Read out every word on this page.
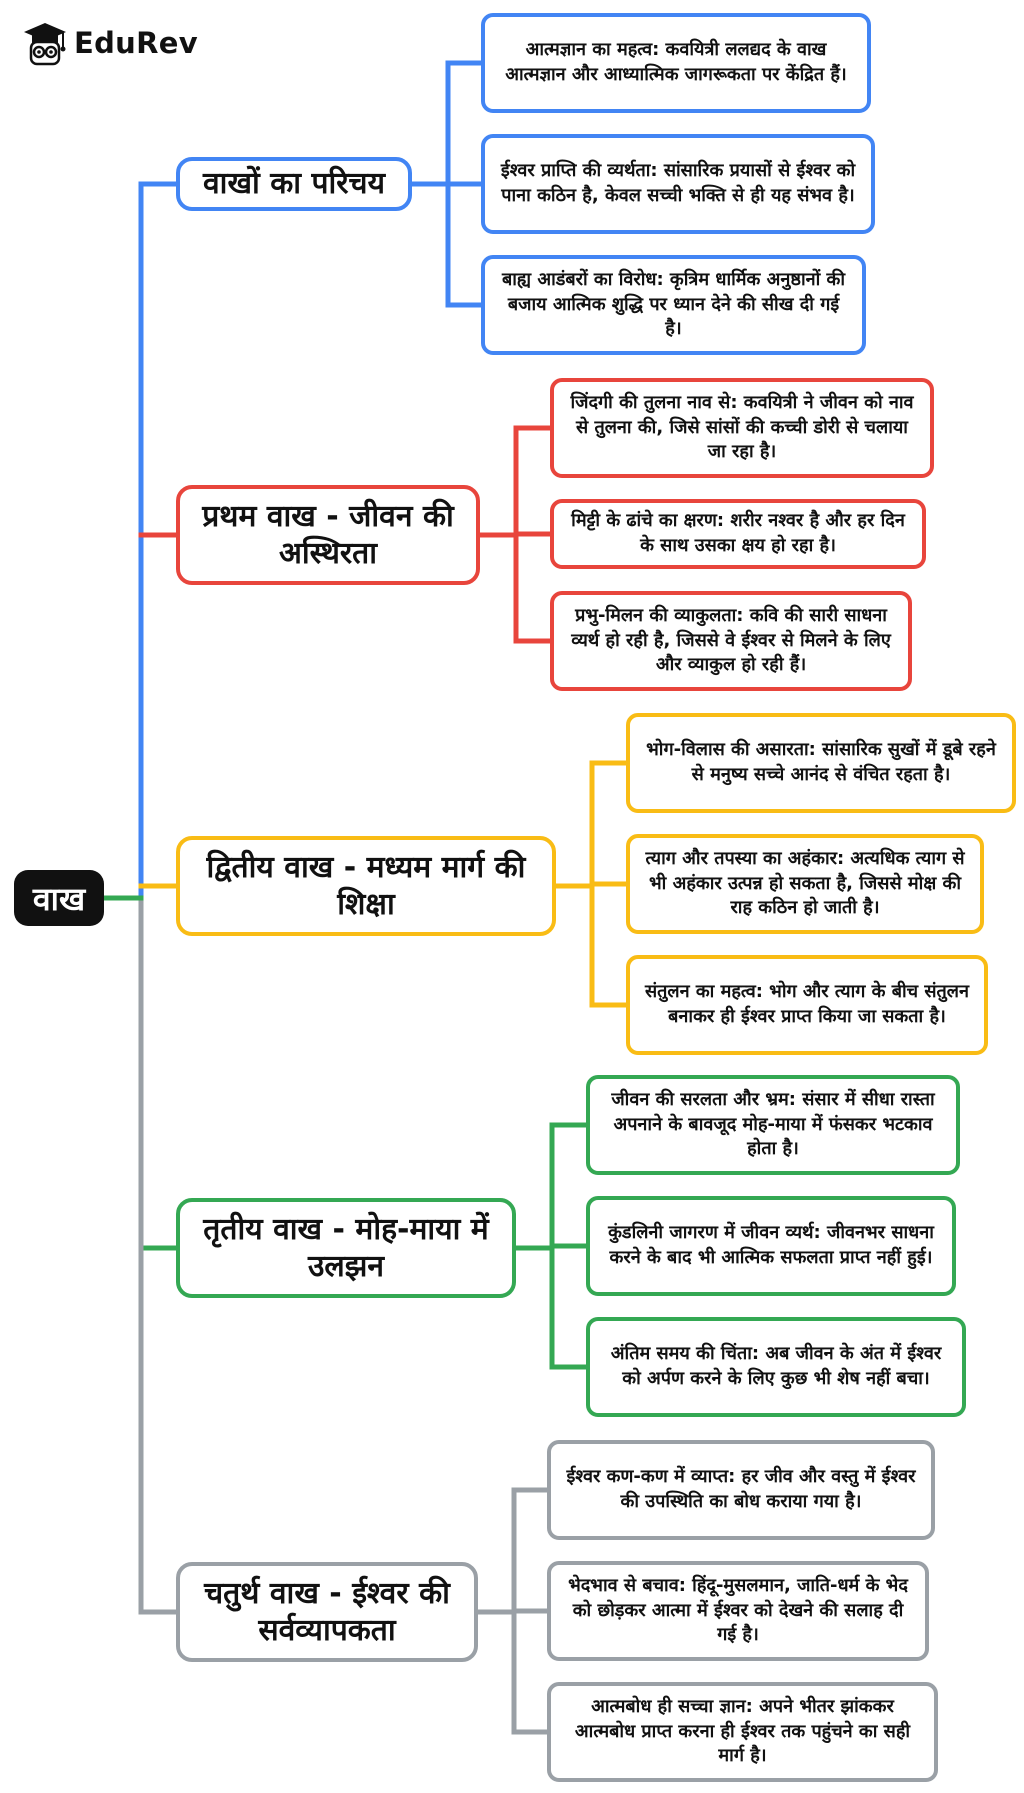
EduRev
वाख
वाखों का परिचय
आत्मज्ञान का महत्व: कवयित्री ललद्यद के वाख आत्मज्ञान और आध्यात्मिक जागरूकता पर केंद्रित हैं।
ईश्वर प्राप्ति की व्यर्थता: सांसारिक प्रयासों से ईश्वर को पाना कठिन है, केवल सच्ची भक्ति से ही यह संभव है।
बाह्य आडंबरों का विरोध: कृत्रिम धार्मिक अनुष्ठानों की बजाय आत्मिक शुद्धि पर ध्यान देने की सीख दी गई है।
प्रथम वाख - जीवन की अस्थिरता
जिंदगी की तुलना नाव से: कवयित्री ने जीवन को नाव से तुलना की, जिसे सांसों की कच्ची डोरी से चलाया जा रहा है।
मिट्टी के ढांचे का क्षरण: शरीर नश्वर है और हर दिन के साथ उसका क्षय हो रहा है।
प्रभु-मिलन की व्याकुलता: कवि की सारी साधना व्यर्थ हो रही है, जिससे वे ईश्वर से मिलने के लिए और व्याकुल हो रही हैं।
द्वितीय वाख - मध्यम मार्ग की शिक्षा
भोग-विलास की असारता: सांसारिक सुखों में डूबे रहने से मनुष्य सच्चे आनंद से वंचित रहता है।
त्याग और तपस्या का अहंकार: अत्यधिक त्याग से भी अहंकार उत्पन्न हो सकता है, जिससे मोक्ष की राह कठिन हो जाती है।
संतुलन का महत्व: भोग और त्याग के बीच संतुलन बनाकर ही ईश्वर प्राप्त किया जा सकता है।
तृतीय वाख - मोह-माया में उलझन
जीवन की सरलता और भ्रम: संसार में सीधा रास्ता अपनाने के बावजूद मोह-माया में फंसकर भटकाव होता है।
कुंडलिनी जागरण में जीवन व्यर्थ: जीवनभर साधना करने के बाद भी आत्मिक सफलता प्राप्त नहीं हुई।
अंतिम समय की चिंता: अब जीवन के अंत में ईश्वर को अर्पण करने के लिए कुछ भी शेष नहीं बचा।
चतुर्थ वाख - ईश्वर की सर्वव्यापकता
ईश्वर कण-कण में व्याप्त: हर जीव और वस्तु में ईश्वर की उपस्थिति का बोध कराया गया है।
भेदभाव से बचाव: हिंदू-मुसलमान, जाति-धर्म के भेद को छोड़कर आत्मा में ईश्वर को देखने की सलाह दी गई है।
आत्मबोध ही सच्चा ज्ञान: अपने भीतर झांककर आत्मबोध प्राप्त करना ही ईश्वर तक पहुंचने का सही मार्ग है।
